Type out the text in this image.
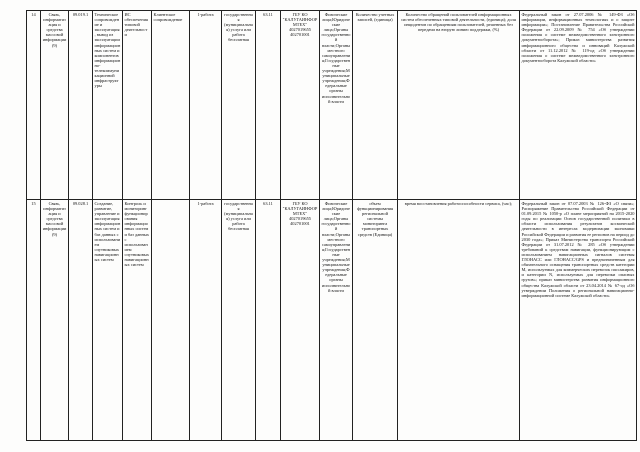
14	Связь, информатизация и средства массовой информации (9)	09.019.1	Техническое сопровождение и эксплуатация, вывод из эксплуатации информационных систем и компонентов информационно-телекоммуникационной инфраструктуры	ИС обеспечения типовой деятельности	Клиентское сопровождение	1-работа	государственная (муниципальная) услуга или работа бесплатная	63.11	ГБУ КО "КАЛУГАИНФОРМТЕХ" 4027019655 402701001	Физические лица;Юридические лица;Органы государственной власти;Органы местного самоуправления;Государственные учреждения;Муниципальные учреждения;Федеральные органы исполнительной власти	Количество учетных записей, (единица)	Количество обращений пользователей информационных систем обеспеченных типовой деятельности, (единица); доля инцидентов по обращениям пользователей, решенных без передачи на вторую линию поддержки, (%)	Федеральный закон от 27.07.2006 № 149-ФЗ «Об информации, информационных технологиях и о защите информации»; Постановление Правительства Российской Федерации от 22.09.2009 № 754 «Об утверждении положения о системе межведомственного электронного документооборота»; Приказ министерства развития информационного общества и инноваций Калужской области от 11.12.2012 № 119-од «Об утверждении положения о системе межведомственного электронного документооборота Калужской области»
15	Связь, информатизация и средства массовой информации (9)	09.028.1	Создание, развитие, управление и эксплуатация информационных систем и баз данных с использованием спутниковых навигационных систем	Контроль и мониторинг функционирования информационных систем и баз данных с использованием спутниковых навигационных систем		1-работа	государственная (муниципальная) услуга или работа бесплатная	63.11	ГБУ КО "КАЛУГАИНФОРМТЕХ" 4027019655 402701001	Физические лица;Юридические лица;Органы государственной власти;Органы местного самоуправления;Государственные учреждения;Муниципальные учреждения;Федеральные органы исполнительной власти	объем функционирования региональной системы мониторинга транспортных средств (Единица)	время восстановления работоспособности сервиса, (час);	Федеральный закон от 07.07.2003 № 126-ФЗ «О связи»; Распоряжение Правительства Российской Федерации от 01.09.2015 № 1050-р «О плане мероприятий на 2015-2020 годы по реализации Основ государственной политики в области использования результатов космической деятельности в интересах модернизации экономики Российской Федерации и развития ее регионов на период до 2030 года»; Приказ Министерства транспорта Российской Федерации от 31.07.2012 № 285 «Об утверждении требований к средствам навигации, функционирующим с использованием навигационных сигналов системы ГЛОНАСС или ГЛОНАСС/GPS и предназначенным для обязательного оснащения транспортных средств категории М, используемых для коммерческих перевозок пассажиров, и категории N, используемых для перевозки опасных грузов»; приказ министерства развития информационного общества Калужской области от 23.04.2014 № 67-од «Об утверждении Положения о региональной навигационно-информационной системе Калужской области»
